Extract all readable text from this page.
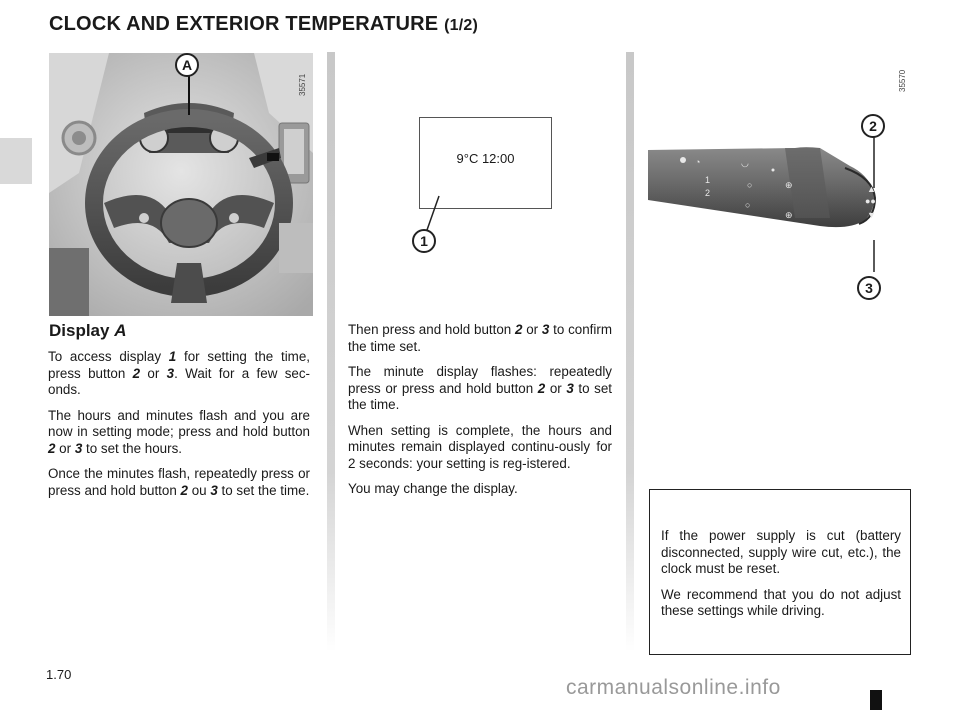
CLOCK AND EXTERIOR TEMPERATURE (1/2)
A
35571
9°C 12:00
1
35570
◔	◡
○
○
1
2
⊕
⊕
▲
●●
▼
2
3
Display A

To access display 1 for setting the time, press button 2 or 3. Wait for a few sec-onds.

The hours and minutes flash and you are now in setting mode; press and hold button 2 or 3 to set the hours.

Once the minutes flash, repeatedly press or press and hold button 2 ou 3 to set the time.

Then press and hold button 2 or 3 to confirm the time set.

The minute display flashes: repeatedly press or press and hold button 2 or 3 to set the time.

When setting is complete, the hours and minutes remain displayed continu-ously for 2 seconds: your setting is reg-istered.

You may change the display.

If the power supply is cut (battery disconnected, supply wire cut, etc.), the clock must be reset.

We recommend that you do not adjust these settings while driving.

1.70
carmanualsonline.info
